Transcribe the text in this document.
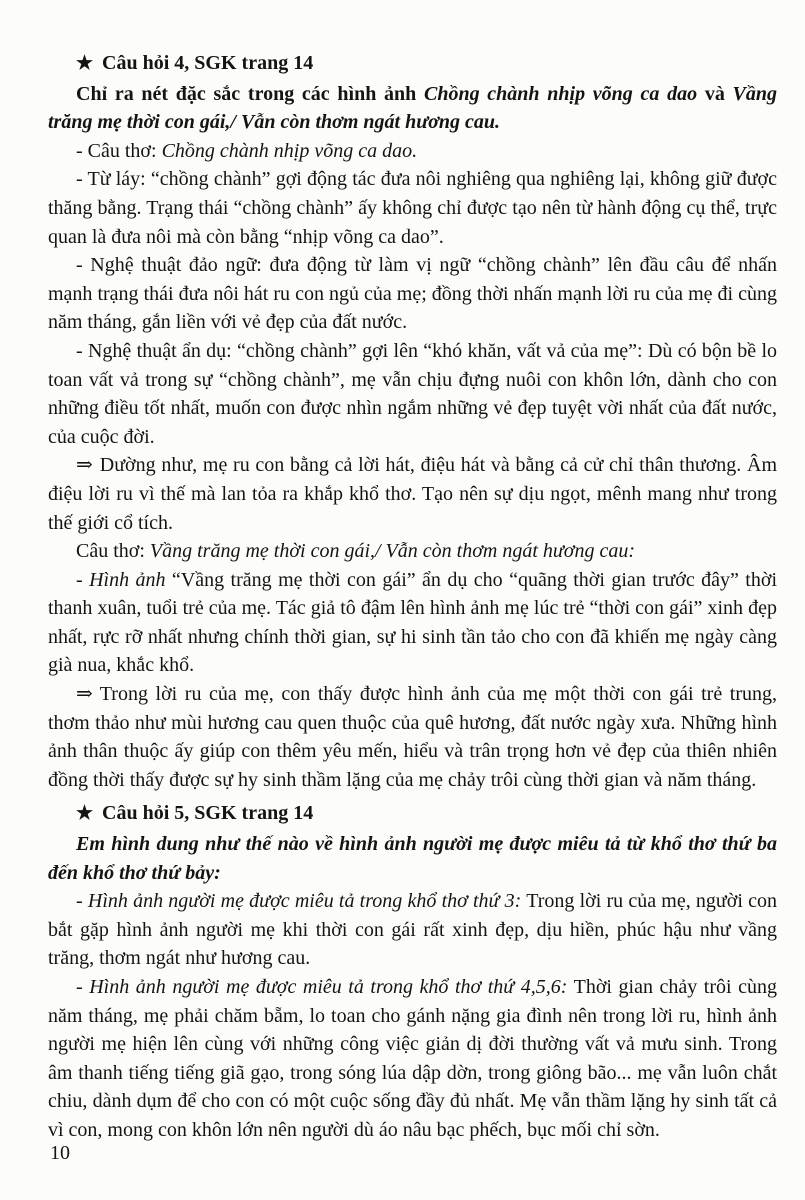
★ Câu hỏi 4, SGK trang 14

Chỉ ra nét đặc sắc trong các hình ảnh Chồng chành nhịp võng ca dao và Vầng trăng mẹ thời con gái,/ Vẫn còn thơm ngát hương cau.

- Câu thơ: Chồng chành nhịp võng ca dao.

- Từ láy: “chồng chành” gợi động tác đưa nôi nghiêng qua nghiêng lại, không giữ được thăng bằng. Trạng thái “chồng chành” ấy không chỉ được tạo nên từ hành động cụ thể, trực quan là đưa nôi mà còn bằng “nhịp võng ca dao”.

- Nghệ thuật đảo ngữ: đưa động từ làm vị ngữ “chồng chành” lên đầu câu để nhấn mạnh trạng thái đưa nôi hát ru con ngủ của mẹ; đồng thời nhấn mạnh lời ru của mẹ đi cùng năm tháng, gắn liền với vẻ đẹp của đất nước.

- Nghệ thuật ẩn dụ: “chồng chành” gợi lên “khó khăn, vất vả của mẹ”: Dù có bộn bề lo toan vất vả trong sự “chồng chành”, mẹ vẫn chịu đựng nuôi con khôn lớn, dành cho con những điều tốt nhất, muốn con được nhìn ngắm những vẻ đẹp tuyệt vời nhất của đất nước, của cuộc đời.

⇒ Dường như, mẹ ru con bằng cả lời hát, điệu hát và bằng cả cử chỉ thân thương. Âm điệu lời ru vì thế mà lan tỏa ra khắp khổ thơ. Tạo nên sự dịu ngọt, mênh mang như trong thế giới cổ tích.

Câu thơ: Vầng trăng mẹ thời con gái,/ Vẫn còn thơm ngát hương cau:

- Hình ảnh “Vầng trăng mẹ thời con gái” ẩn dụ cho “quãng thời gian trước đây” thời thanh xuân, tuổi trẻ của mẹ. Tác giả tô đậm lên hình ảnh mẹ lúc trẻ “thời con gái” xinh đẹp nhất, rực rỡ nhất nhưng chính thời gian, sự hi sinh tần tảo cho con đã khiến mẹ ngày càng già nua, khắc khổ.

⇒ Trong lời ru của mẹ, con thấy được hình ảnh của mẹ một thời con gái trẻ trung, thơm thảo như mùi hương cau quen thuộc của quê hương, đất nước ngày xưa. Những hình ảnh thân thuộc ấy giúp con thêm yêu mến, hiểu và trân trọng hơn vẻ đẹp của thiên nhiên đồng thời thấy được sự hy sinh thầm lặng của mẹ chảy trôi cùng thời gian và năm tháng.

★ Câu hỏi 5, SGK trang 14

Em hình dung như thế nào về hình ảnh người mẹ được miêu tả từ khổ thơ thứ ba đến khổ thơ thứ bảy:

- Hình ảnh người mẹ được miêu tả trong khổ thơ thứ 3: Trong lời ru của mẹ, người con bắt gặp hình ảnh người mẹ khi thời con gái rất xinh đẹp, dịu hiền, phúc hậu như vầng trăng, thơm ngát như hương cau.

- Hình ảnh người mẹ được miêu tả trong khổ thơ thứ 4,5,6: Thời gian chảy trôi cùng năm tháng, mẹ phải chăm bẵm, lo toan cho gánh nặng gia đình nên trong lời ru, hình ảnh người mẹ hiện lên cùng với những công việc giản dị đời thường vất vả mưu sinh. Trong âm thanh tiếng tiếng giã gạo, trong sóng lúa dập dờn, trong giông bão... mẹ vẫn luôn chắt chiu, dành dụm để cho con có một cuộc sống đầy đủ nhất. Mẹ vẫn thầm lặng hy sinh tất cả vì con, mong con khôn lớn nên người dù áo nâu bạc phếch, bục mối chỉ sờn.

10
